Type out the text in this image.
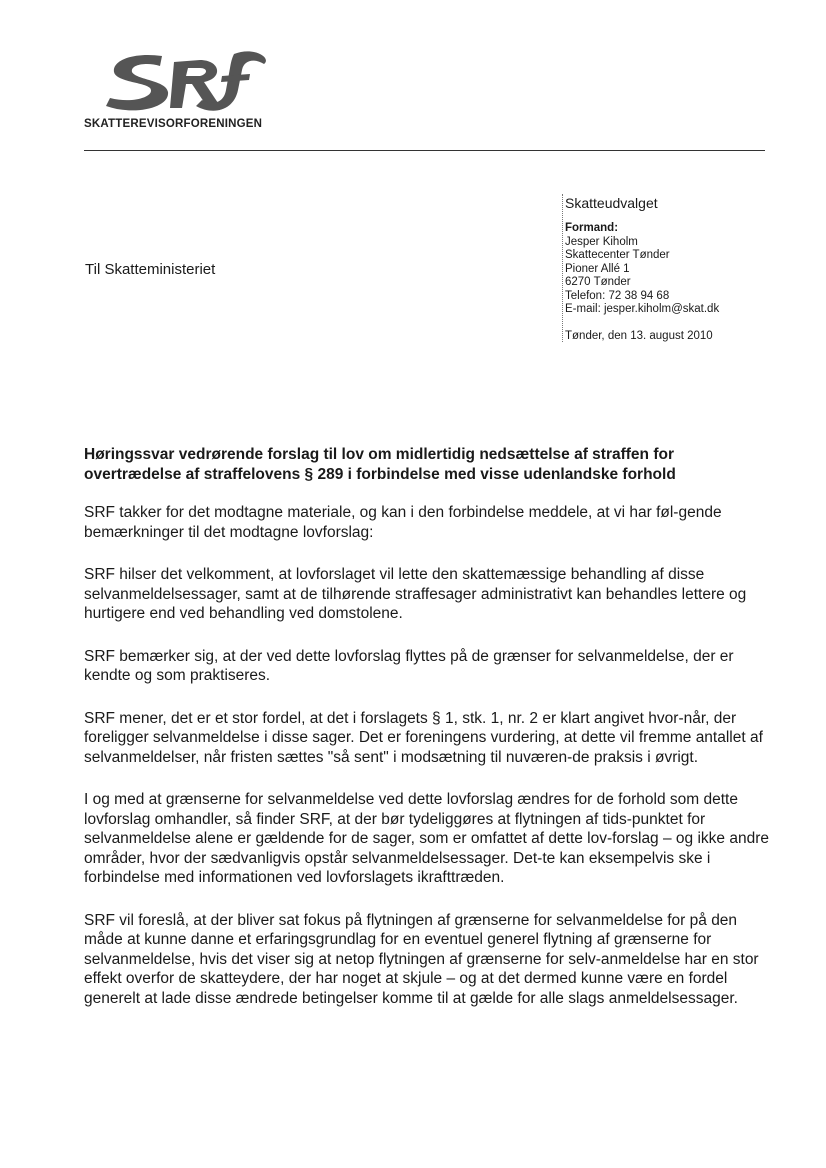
SKATTEREVISORFORENINGEN
Til Skatteministeriet
Skatteudvalget
Formand:
Jesper Kiholm
Skattecenter Tønder
Pioner Allé 1
6270 Tønder
Telefon: 72 38 94 68
E-mail: jesper.kiholm@skat.dk
Tønder, den 13. august 2010
Høringssvar vedrørende forslag til lov om midlertidig nedsættelse af straffen for overtrædelse af straffelovens § 289 i forbindelse med visse udenlandske forhold

SRF takker for det modtagne materiale, og kan i den forbindelse meddele, at vi har føl-gende bemærkninger til det modtagne lovforslag:

SRF hilser det velkomment, at lovforslaget vil lette den skattemæssige behandling af disse selvanmeldelsessager, samt at de tilhørende straffesager administrativt kan behandles lettere og hurtigere end ved behandling ved domstolene.

SRF bemærker sig, at der ved dette lovforslag flyttes på de grænser for selvanmeldelse, der er kendte og som praktiseres.

SRF mener, det er et stor fordel, at det i forslagets § 1, stk. 1, nr. 2 er klart angivet hvor-når, der foreligger selvanmeldelse i disse sager. Det er foreningens vurdering, at dette vil fremme antallet af selvanmeldelser, når fristen sættes "så sent" i modsætning til nuværen-de praksis i øvrigt.

I og med at grænserne for selvanmeldelse ved dette lovforslag ændres for de forhold som dette lovforslag omhandler, så finder SRF, at der bør tydeliggøres at flytningen af tids-punktet for selvanmeldelse alene er gældende for de sager, som er omfattet af dette lov-forslag – og ikke andre områder, hvor der sædvanligvis opstår selvanmeldelsessager. Det-te kan eksempelvis ske i forbindelse med informationen ved lovforslagets ikrafttræden.

SRF vil foreslå, at der bliver sat fokus på flytningen af grænserne for selvanmeldelse for på den måde at kunne danne et erfaringsgrundlag for en eventuel generel flytning af grænserne for selvanmeldelse, hvis det viser sig at netop flytningen af grænserne for selv-anmeldelse har en stor effekt overfor de skatteydere, der har noget at skjule – og at det dermed kunne være en fordel generelt at lade disse ændrede betingelser komme til at gælde for alle slags anmeldelsessager.
